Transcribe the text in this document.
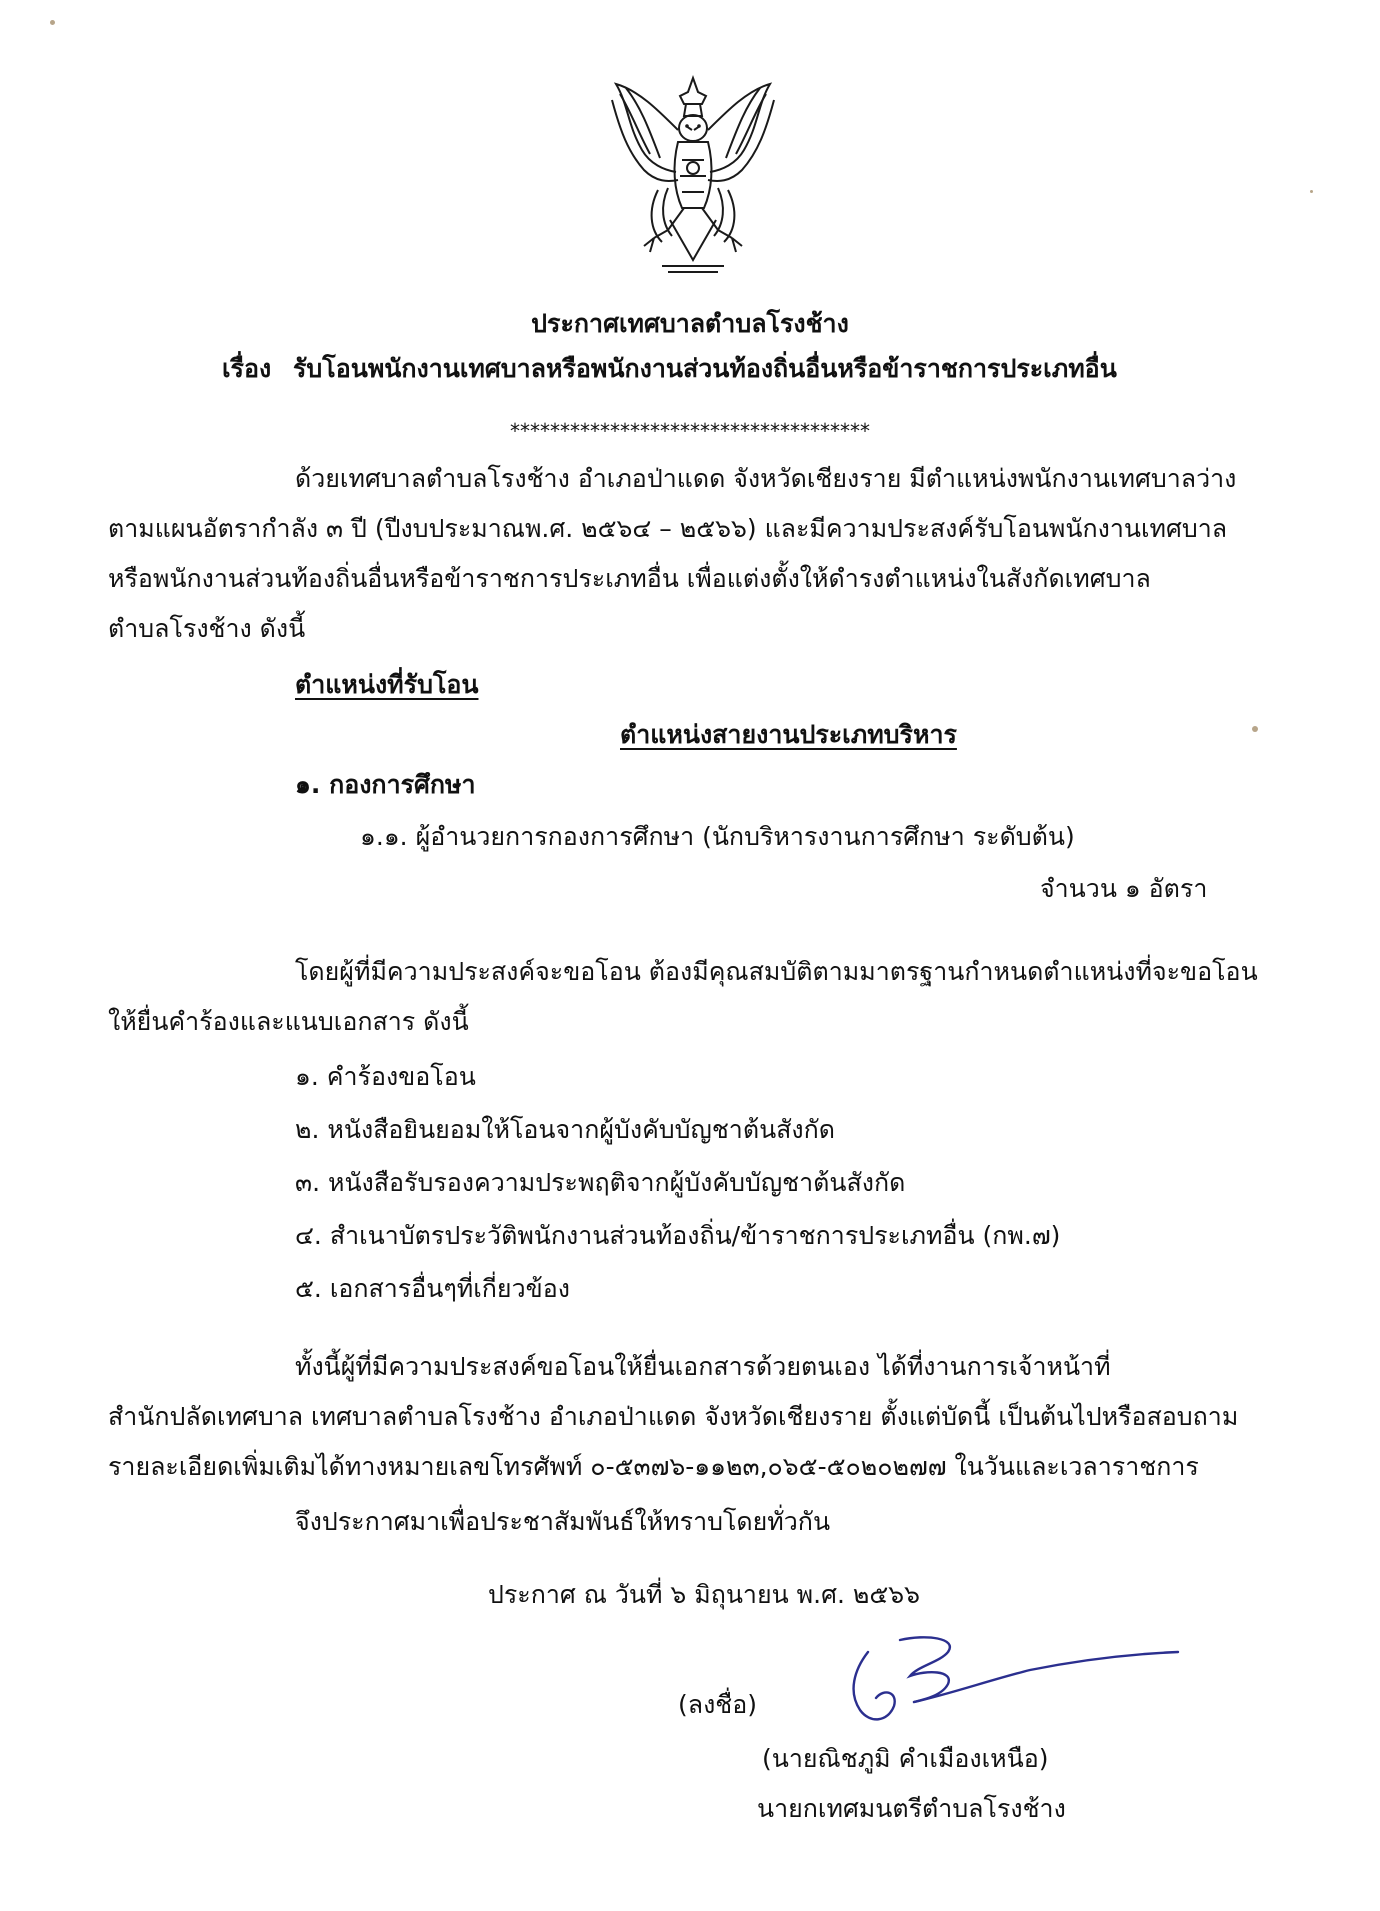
ประกาศเทศบาลตำบลโรงช้าง
เรื่อง รับโอนพนักงานเทศบาลหรือพนักงานส่วนท้องถิ่นอื่นหรือข้าราชการประเภทอื่น
************************************
ด้วยเทศบาลตำบลโรงช้าง อำเภอป่าแดด จังหวัดเชียงราย มีตำแหน่งพนักงานเทศบาลว่าง
ตามแผนอัตรากำลัง ๓ ปี (ปีงบประมาณพ.ศ. ๒๕๖๔ – ๒๕๖๖) และมีความประสงค์รับโอนพนักงานเทศบาล
หรือพนักงานส่วนท้องถิ่นอื่นหรือข้าราชการประเภทอื่น เพื่อแต่งตั้งให้ดำรงตำแหน่งในสังกัดเทศบาล
ตำบลโรงช้าง ดังนี้
ตำแหน่งที่รับโอน
ตำแหน่งสายงานประเภทบริหาร
๑. กองการศึกษา
๑.๑. ผู้อำนวยการกองการศึกษา (นักบริหารงานการศึกษา ระดับต้น)
จำนวน ๑ อัตรา
โดยผู้ที่มีความประสงค์จะขอโอน ต้องมีคุณสมบัติตามมาตรฐานกำหนดตำแหน่งที่จะขอโอน
ให้ยื่นคำร้องและแนบเอกสาร ดังนี้
๑. คำร้องขอโอน
๒. หนังสือยินยอมให้โอนจากผู้บังคับบัญชาต้นสังกัด
๓. หนังสือรับรองความประพฤติจากผู้บังคับบัญชาต้นสังกัด
๔. สำเนาบัตรประวัติพนักงานส่วนท้องถิ่น/ข้าราชการประเภทอื่น (กพ.๗)
๕. เอกสารอื่นๆที่เกี่ยวข้อง
ทั้งนี้ผู้ที่มีความประสงค์ขอโอนให้ยื่นเอกสารด้วยตนเอง ได้ที่งานการเจ้าหน้าที่
สำนักปลัดเทศบาล เทศบาลตำบลโรงช้าง อำเภอป่าแดด จังหวัดเชียงราย ตั้งแต่บัดนี้ เป็นต้นไปหรือสอบถาม
รายละเอียดเพิ่มเติมได้ทางหมายเลขโทรศัพท์ ๐-๕๓๗๖-๑๑๒๓,๐๖๕-๕๐๒๐๒๗๗ ในวันและเวลาราชการ
จึงประกาศมาเพื่อประชาสัมพันธ์ให้ทราบโดยทั่วกัน
ประกาศ ณ วันที่ ๖ มิถุนายน พ.ศ. ๒๕๖๖
(ลงชื่อ)
(นายณิชภูมิ คำเมืองเหนือ)
นายกเทศมนตรีตำบลโรงช้าง
